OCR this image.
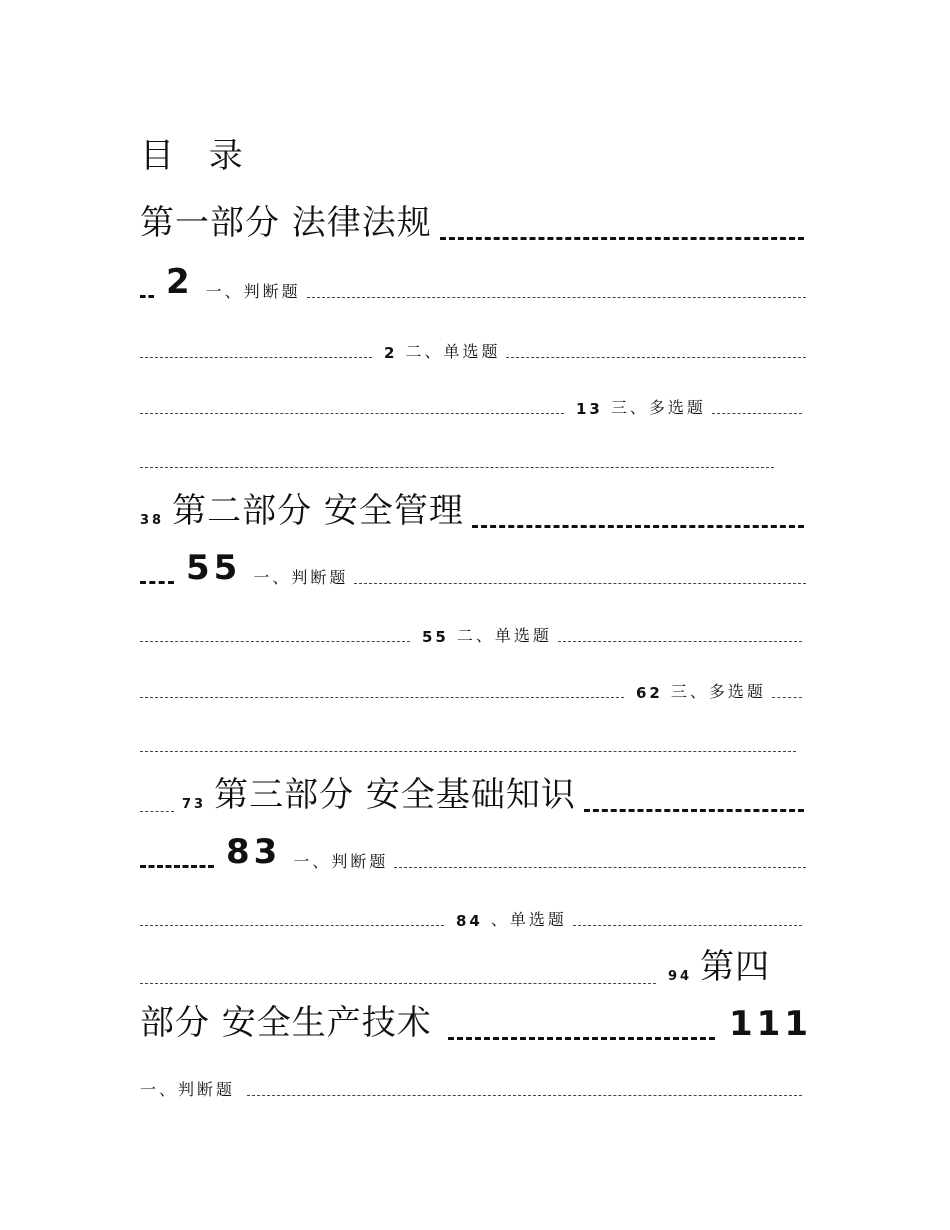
目 录
第一部分 法律法规
2 一、判断题
2 二、单选题
13 三、多选题
38 第二部分 安全管理
55 一、判断题
55 二、单选题
62 三、多选题
73 第三部分 安全基础知识
83 一、判断题
84 、单选题
94 第四
部分 安全生产技术	111
一、判断题
